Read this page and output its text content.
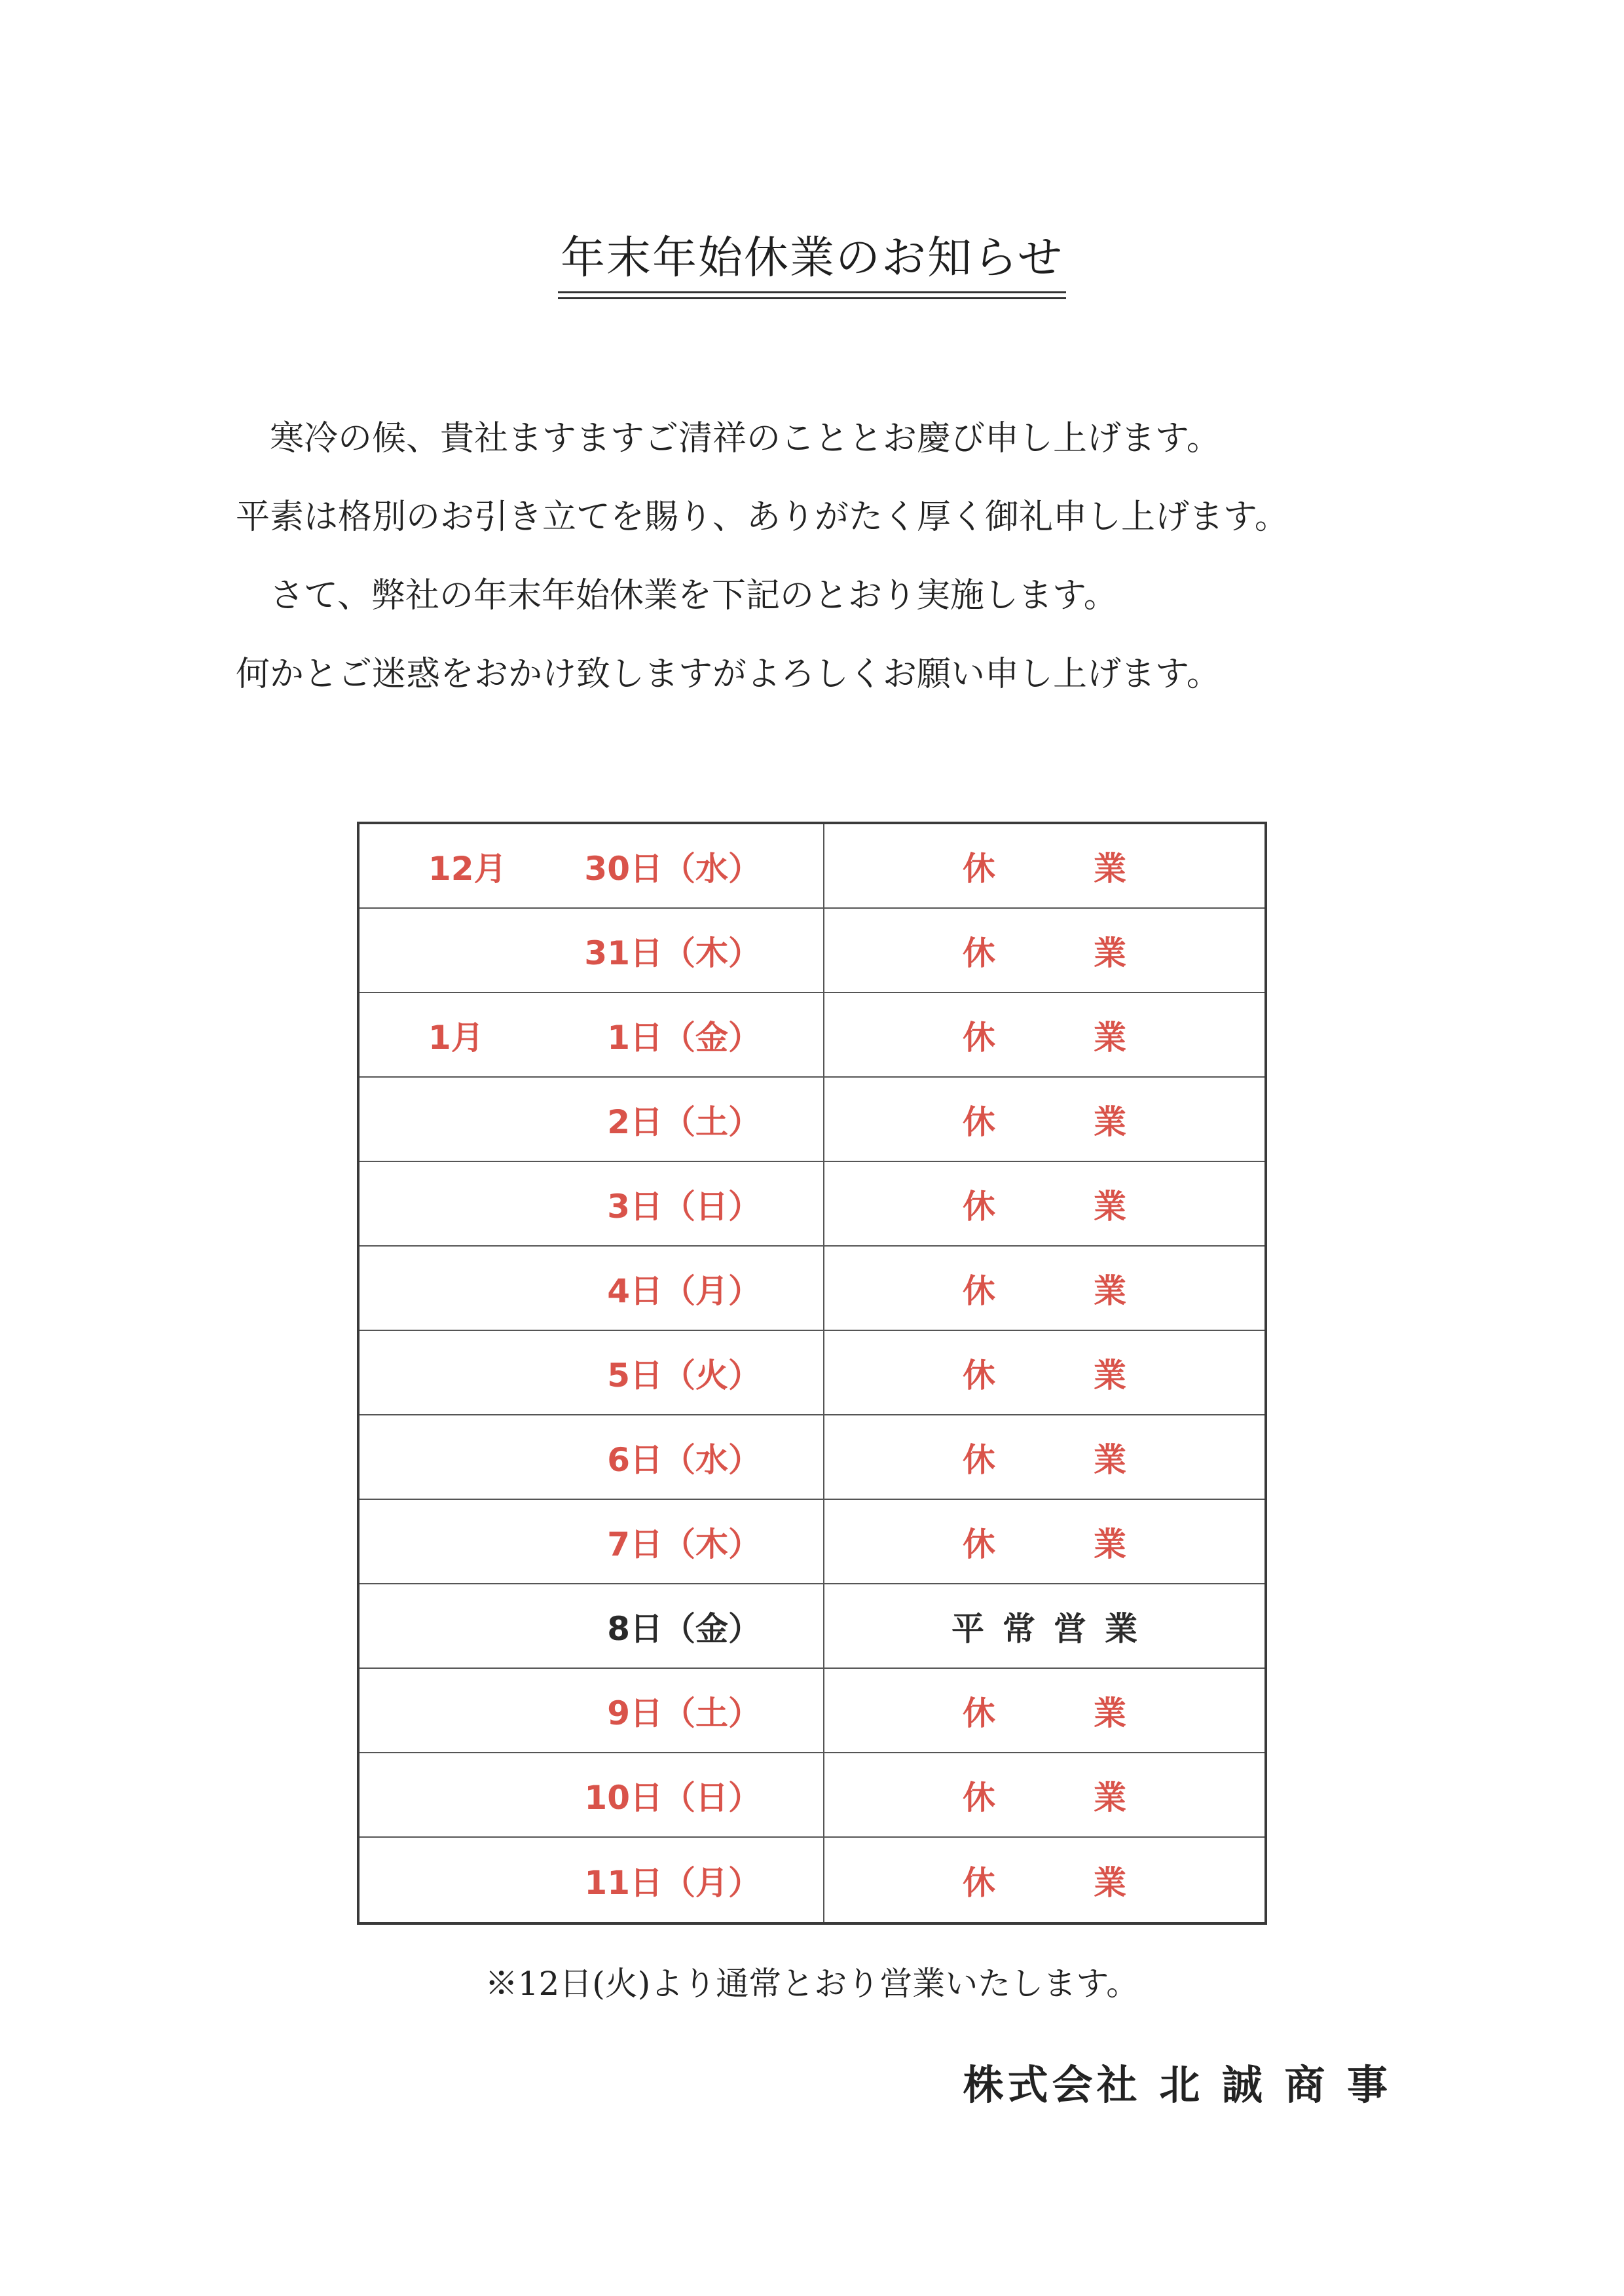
年末年始休業のお知らせ

寒冷の候、貴社ますますご清祥のこととお慶び申し上げます。

平素は格別のお引き立てを賜り、ありがたく厚く御礼申し上げます。

さて、弊社の年末年始休業を下記のとおり実施します。

何かとご迷惑をおかけ致しますがよろしくお願い申し上げます。

12月 30日（水）	休業
31日（木）	休業
1月	1日（金）	休業
2日（土）	休業
3日（日）	休業
4日（月）	休業
5日（火）	休業
6日（水）	休業
7日（木）	休業
8日（金）	平常営業
9日（土）	休業
10日（日）	休業
11日（月）	休業
※12日(火)より通常とおり営業いたします。
株式会社 北 誠 商 事
